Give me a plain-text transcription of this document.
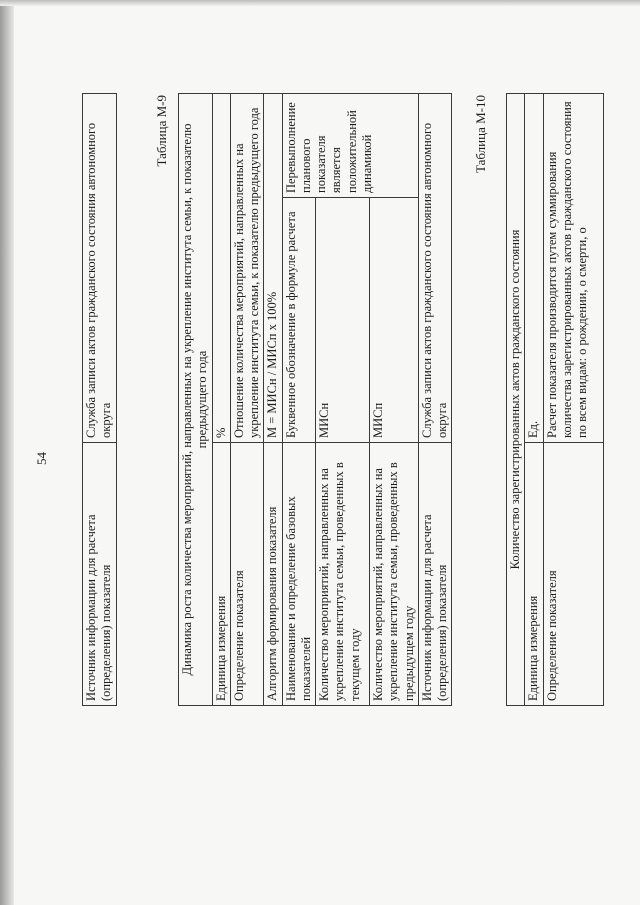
54
Источник информации для расчета (определения) показателя	Служба записи актов гражданского состояния автономного округа
Таблица М-9 Динамика роста количества мероприятий, направленных на укрепление института семьи, к показателю предыдущего года		
Единица измерения	%	
Определение показателя	Отношение количества мероприятий, направленных на укрепление института семьи, к показателю предыдущего года	
Алгоритм формирования показателя	М = МИСн / МИСп х 100%	
Наименование и определение базовых показателей	Буквенное обозначение в формуле расчета	Перевыполнение планового показателя является положительной динамикой
Количество мероприятий, направленных на укрепление института семьи, проведенных в текущем году	МИСн	
Количество мероприятий, направленных на укрепление института семьи, проведенных в предыдущем году	МИСп	
Источник информации для расчета (определения) показателя	Служба записи актов гражданского состояния автономного округа	
Таблица М-10
Количество зарегистрированных актов гражданского состояния	
Единица измерения	Ед.
Определение показателя	Расчет показателя производится путем суммирования количества зарегистрированных актов гражданского состояния по всем видам: о рождении, о смерти, о
